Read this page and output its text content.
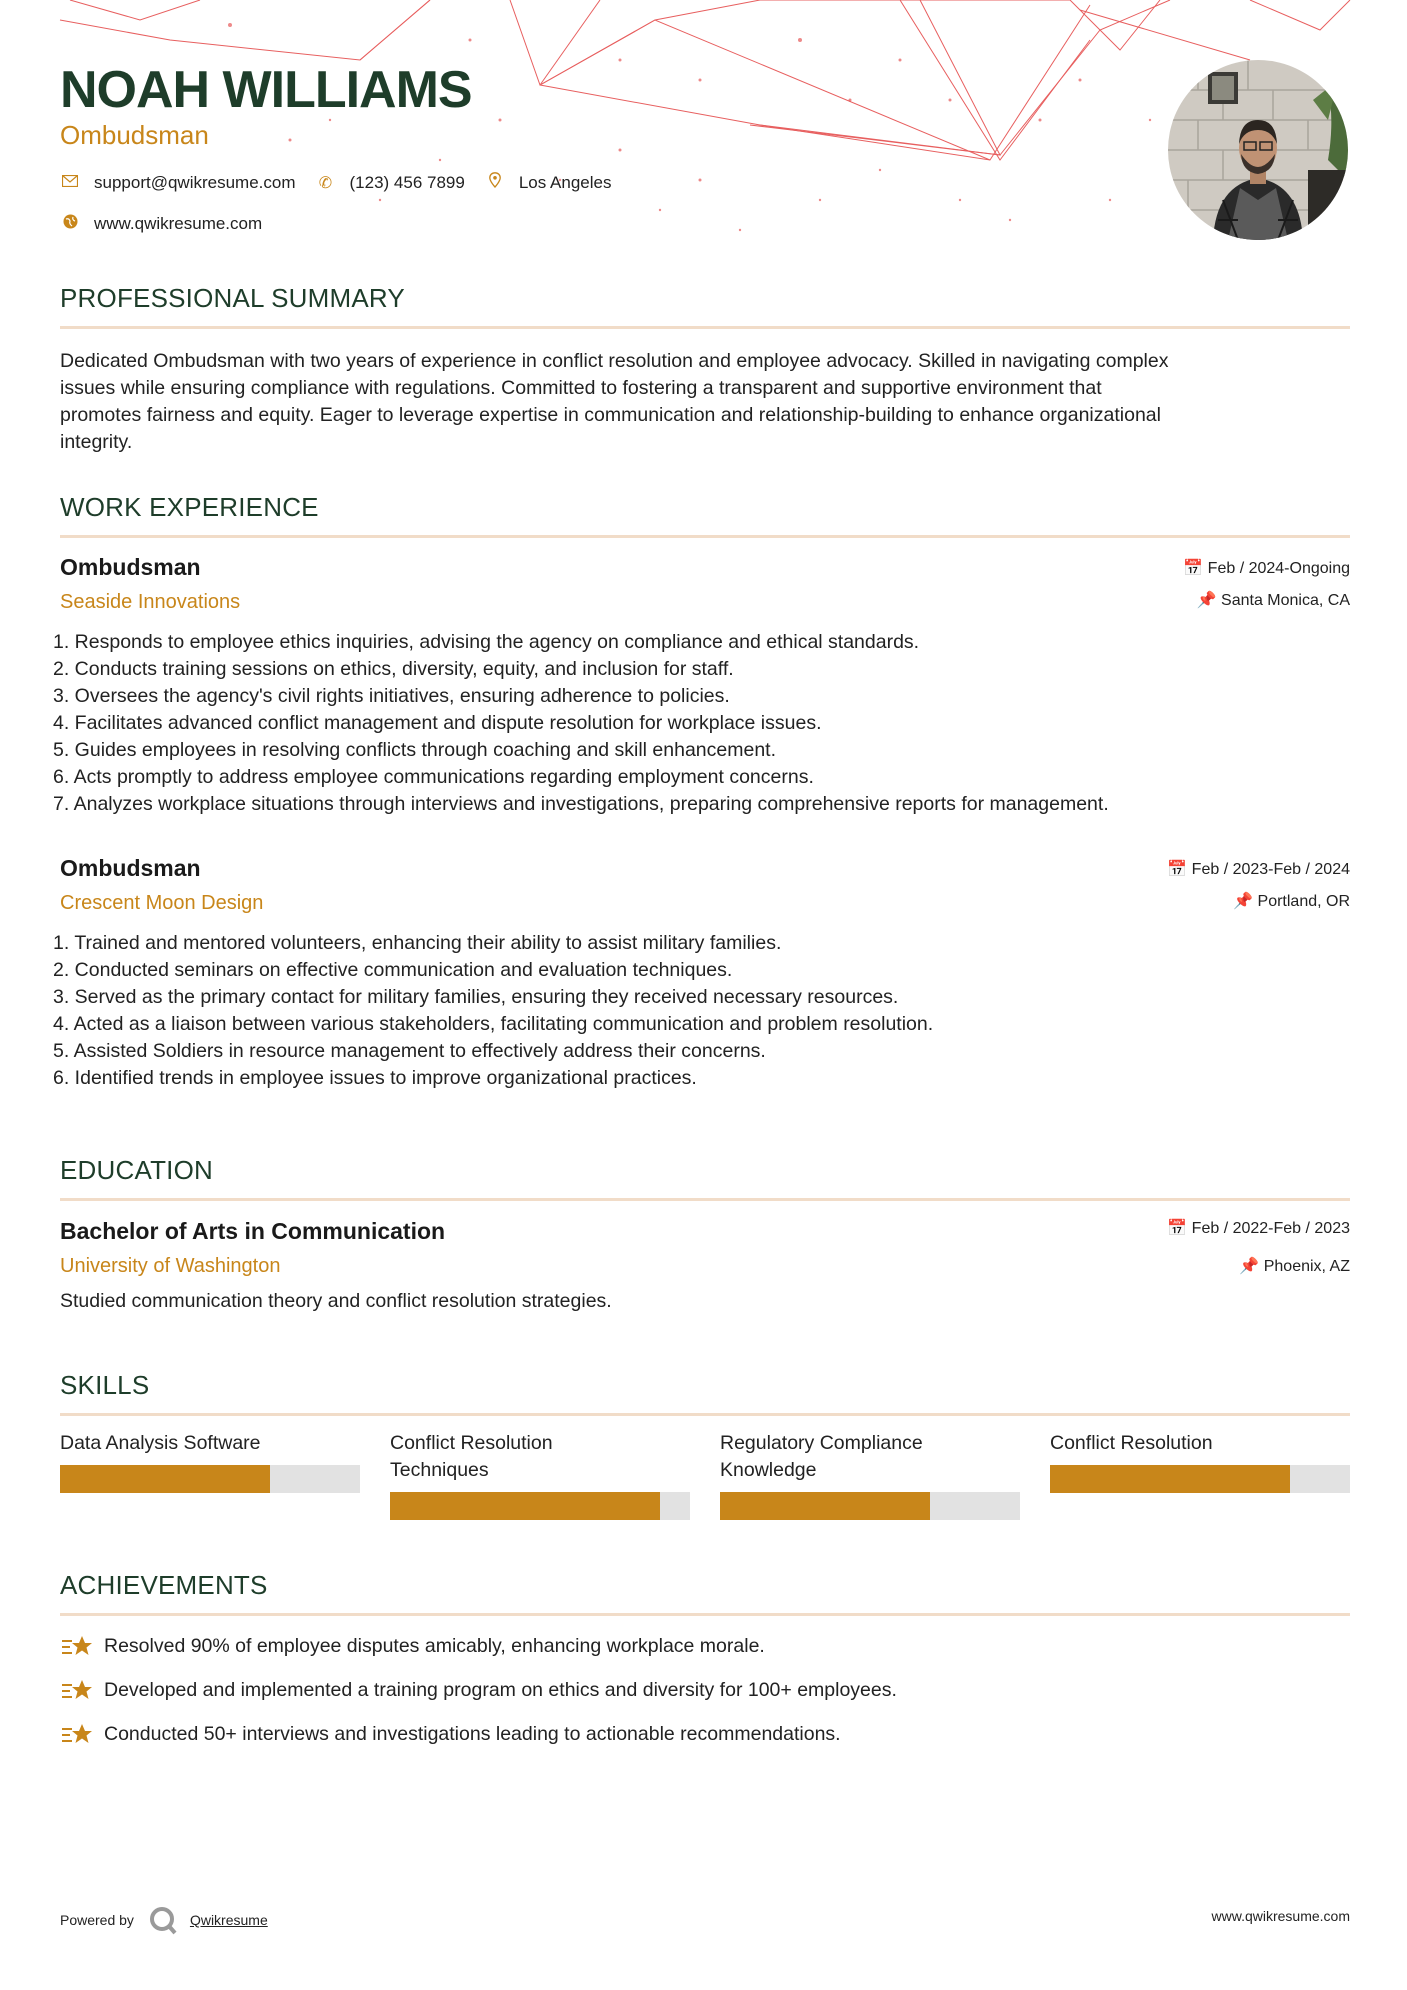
NOAH WILLIAMS
Ombudsman
support@qwikresume.com ✆ (123) 456 7899	Los Angeles
www.qwikresume.com
PROFESSIONAL SUMMARY

Dedicated Ombudsman with two years of experience in conflict resolution and employee advocacy. Skilled in navigating complex

issues while ensuring compliance with regulations. Committed to fostering a transparent and supportive environment that

promotes fairness and equity. Eager to leverage expertise in communication and relationship-building to enhance organizational

integrity.

WORK EXPERIENCE
Ombudsman
Seaside Innovations
📅 Feb / 2024-Ongoing
📌 Santa Monica, CA
1. Responds to employee ethics inquiries, advising the agency on compliance and ethical standards.
2. Conducts training sessions on ethics, diversity, equity, and inclusion for staff.
3. Oversees the agency's civil rights initiatives, ensuring adherence to policies.
4. Facilitates advanced conflict management and dispute resolution for workplace issues.
5. Guides employees in resolving conflicts through coaching and skill enhancement.
6. Acts promptly to address employee communications regarding employment concerns.
7. Analyzes workplace situations through interviews and investigations, preparing comprehensive reports for management.
Ombudsman
Crescent Moon Design
📅 Feb / 2023-Feb / 2024
📌 Portland, OR
1. Trained and mentored volunteers, enhancing their ability to assist military families.
2. Conducted seminars on effective communication and evaluation techniques.
3. Served as the primary contact for military families, ensuring they received necessary resources.
4. Acted as a liaison between various stakeholders, facilitating communication and problem resolution.
5. Assisted Soldiers in resource management to effectively address their concerns.
6. Identified trends in employee issues to improve organizational practices.
EDUCATION
Bachelor of Arts in Communication
University of Washington
📅 Feb / 2022-Feb / 2023
📌 Phoenix, AZ

Studied communication theory and conflict resolution strategies.

SKILLS
Data Analysis Software	Conflict Resolution
Techniques
Regulatory Compliance
Knowledge
Conflict Resolution
ACHIEVEMENTS
Resolved 90% of employee disputes amicably, enhancing workplace morale.
Developed and implemented a training program on ethics and diversity for 100+ employees.
Conducted 50+ interviews and investigations leading to actionable recommendations.
Powered by	Qwikresume	www.qwikresume.com
